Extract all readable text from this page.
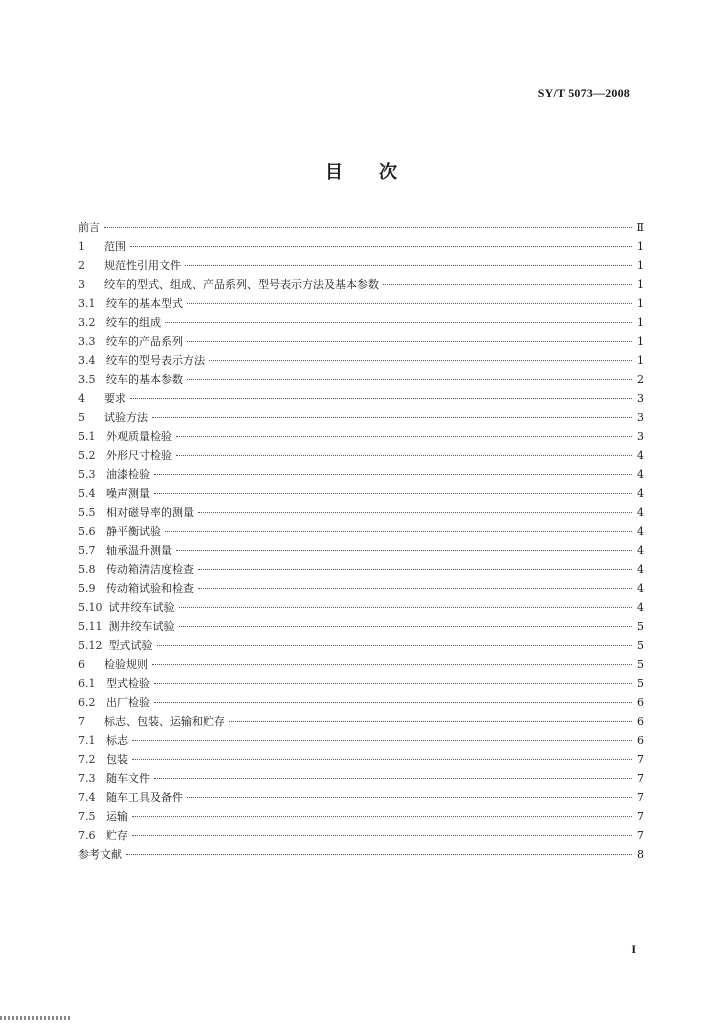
SY/T 5073—2008
目　　次
前言	Ⅱ
1	范围	1
2	规范性引用文件	1
3	绞车的型式、组成、产品系列、型号表示方法及基本参数	1
3.1 绞车的基本型式	1
3.2 绞车的组成	1
3.3 绞车的产品系列	1
3.4 绞车的型号表示方法	1
3.5 绞车的基本参数	2
4	要求	3
5	试验方法	3
5.1 外观质量检验	3
5.2 外形尺寸检验	4
5.3 油漆检验	4
5.4 噪声测量	4
5.5 相对磁导率的测量	4
5.6 静平衡试验	4
5.7 轴承温升测量	4
5.8 传动箱清洁度检查	4
5.9 传动箱试验和检查	4
5.10 试井绞车试验	4
5.11 测井绞车试验	5
5.12 型式试验	5
6	检验规则	5
6.1 型式检验	5
6.2 出厂检验	6
7	标志、包装、运输和贮存	6
7.1 标志	6
7.2 包装	7
7.3 随车文件	7
7.4 随车工具及备件	7
7.5 运输	7
7.6 贮存	7
参考文献	8
I
